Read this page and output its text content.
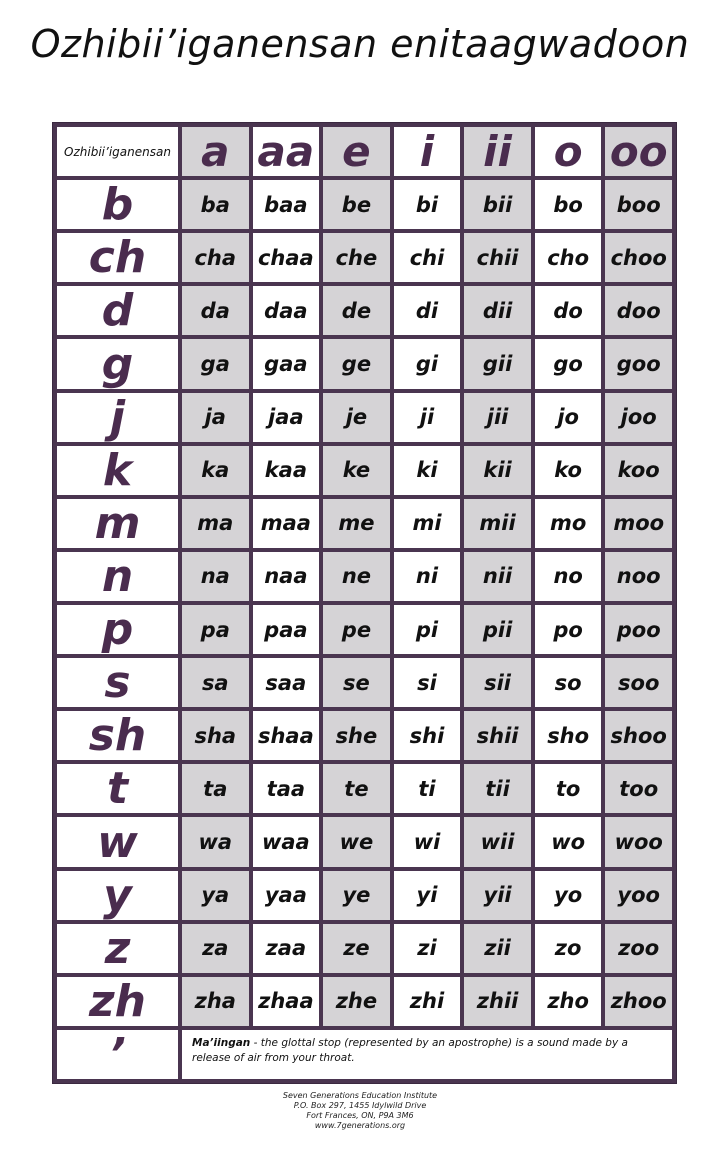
Ozhibii’iganensan enitaagwadoon
Ozhibii’iganensan a aa e	i	ii o oo
b	ba	baa	be	bi	bii	bo	boo
ch	cha	chaa	che	chi	chii	cho	choo
d	da	daa	de	di	dii	do	doo
g	ga	gaa	ge	gi	gii	go	goo
j	ja	jaa	je	ji	jii	jo	joo
k	ka	kaa	ke	ki	kii	ko	koo
m	ma	maa	me	mi	mii	mo	moo
n	na	naa	ne	ni	nii	no	noo
p	pa	paa	pe	pi	pii	po	poo
s	sa	saa	se	si	sii	so	soo
sh	sha	shaa	she	shi	shii	sho	shoo
t	ta	taa	te	ti	tii	to	too
w	wa	waa	we	wi	wii	wo	woo
y	ya	yaa	ye	yi	yii	yo	yoo
z	za	zaa	ze	zi	zii	zo	zoo
zh	zha	zhaa	zhe	zhi	zhii	zho	zhoo
’	Ma’iingan - the glottal stop (represented by an apostrophe) is a sound made by a release of air from your throat.
Seven Generations Education Institute
P.O. Box 297, 1455 Idylwild Drive
Fort Frances, ON, P9A 3M6
www.7generations.org
